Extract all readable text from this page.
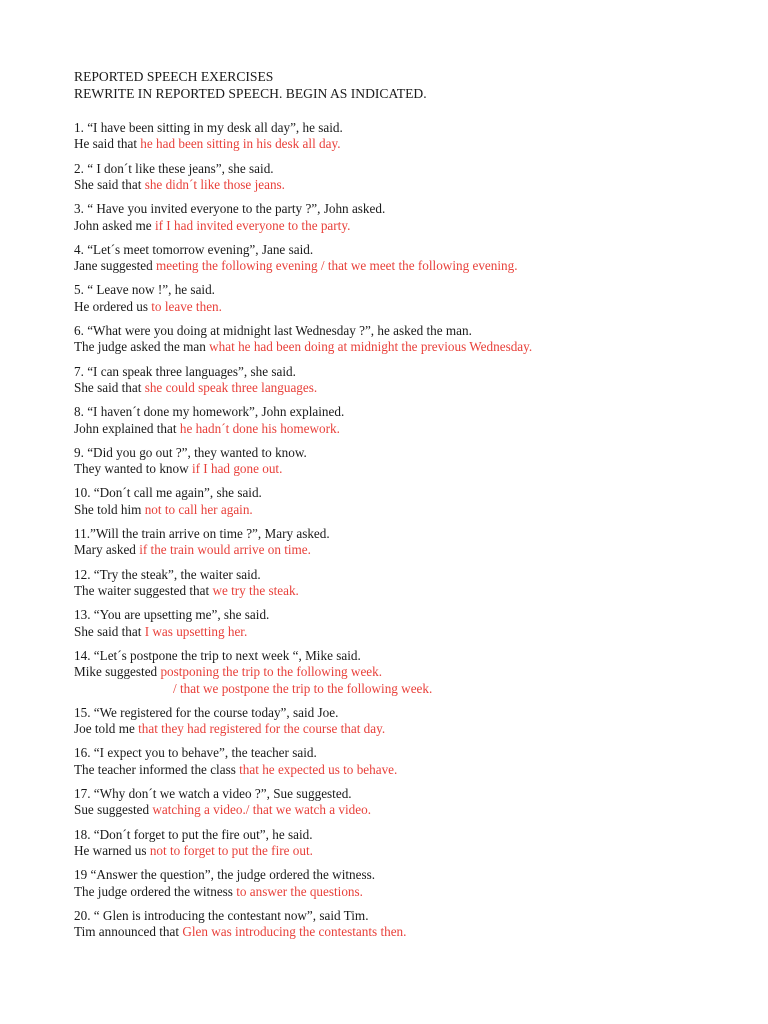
REPORTED SPEECH EXERCISES
REWRITE IN REPORTED SPEECH. BEGIN AS INDICATED.
1. “I have been sitting in my desk all day”, he said.
He said that he had been sitting in his desk all day.
2. “ I don´t like these jeans”, she said.
She said that she didn´t like those jeans.
3. “ Have you invited everyone to the party ?”, John asked.
John asked me if I had invited everyone to the party.
4. “Let´s meet tomorrow evening”, Jane said.
Jane suggested meeting the following evening / that we meet the following evening.
5. “ Leave now !”, he said.
He ordered us to leave then.
6. “What were you doing at midnight last Wednesday ?”, he asked the man.
The judge asked the man what he had been doing at midnight the previous Wednesday.
7. “I can speak three languages”, she said.
She said that she could speak three languages.
8. “I haven´t done my homework”, John explained.
John explained that he hadn´t done his homework.
9. “Did you go out ?”, they wanted to know.
They wanted to know if I had gone out.
10. “Don´t call me again”, she said.
She told him not to call her again.
11.”Will the train arrive on time ?”, Mary asked.
Mary asked if the train would arrive on time.
12. “Try the steak”, the waiter said.
The waiter suggested that we try the steak.
13. “You are upsetting me”, she said.
She said that I was upsetting her.
14. “Let´s postpone the trip to next week “, Mike said.
Mike suggested postponing the trip to the following week.
/ that we postpone the trip to the following week.
15. “We registered for the course today”, said Joe.
Joe told me that they had registered for the course that day.
16. “I expect you to behave”, the teacher said.
The teacher informed the class that he expected us to behave.
17. “Why don´t we watch a video ?”, Sue suggested.
Sue suggested watching a video./ that we watch a video.
18. “Don´t forget to put the fire out”, he said.
He warned us not to forget to put the fire out.
19 “Answer the question”, the judge ordered the witness.
The judge ordered the witness to answer the questions.
20. “ Glen is introducing the contestant now”, said Tim.
Tim announced that Glen was introducing the contestants then.
